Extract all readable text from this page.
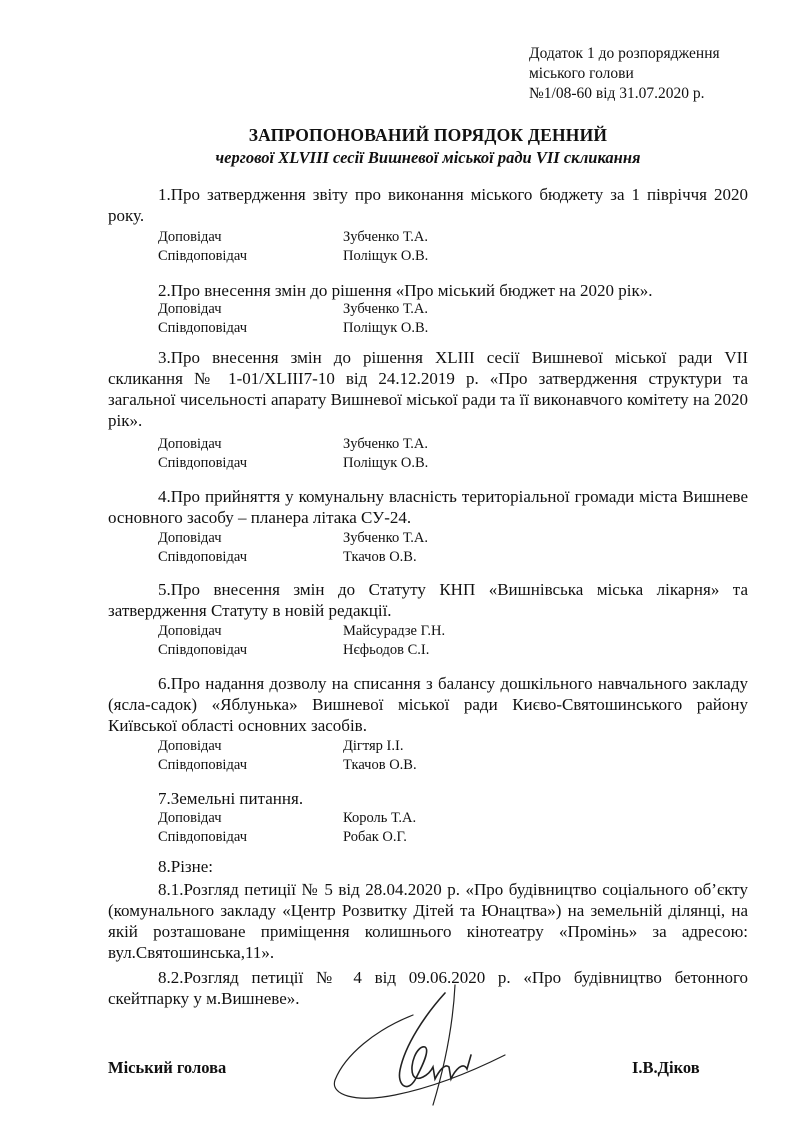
Додаток 1 до розпорядження
міського голови
№1/08-60 від 31.07.2020 р.
ЗАПРОПОНОВАНИЙ ПОРЯДОК ДЕННИЙ
чергової XLVIII сесії Вишневої міської ради VII скликання
1.Про затвердження звіту про виконання міського бюджету за 1 півріччя 2020 року.
Доповідач	Зубченко Т.А.
Співдоповідач	Поліщук О.В.
2.Про внесення змін до рішення «Про міський бюджет на 2020 рік».
Доповідач	Зубченко Т.А.
Співдоповідач	Поліщук О.В.
3.Про внесення змін до рішення XLIII сесії Вишневої міської ради VII скликання № 1-01/XLIII7-10 від 24.12.2019 р. «Про затвердження структури та загальної чисельності апарату Вишневої міської ради та її виконавчого комітету на 2020 рік».
Доповідач	Зубченко Т.А.
Співдоповідач	Поліщук О.В.
4.Про прийняття у комунальну власність територіальної громади міста Вишневе основного засобу – планера літака СУ-24.
Доповідач	Зубченко Т.А.
Співдоповідач	Ткачов О.В.
5.Про внесення змін до Статуту КНП «Вишнівська міська лікарня» та затвердження Статуту в новій редакції.
Доповідач	Майсурадзе Г.Н.
Співдоповідач	Нєфьодов С.І.
6.Про надання дозволу на списання з балансу дошкільного навчального закладу (ясла-садок) «Яблунька» Вишневої міської ради Києво-Святошинського району Київської області основних засобів.
Доповідач	Дігтяр І.І.
Співдоповідач	Ткачов О.В.
7.Земельні питання.
Доповідач	Король Т.А.
Співдоповідач	Робак О.Г.
8.Різне:
8.1.Розгляд петиції № 5 від 28.04.2020 р. «Про будівництво соціального об’єкту (комунального закладу «Центр Розвитку Дітей та Юнацтва») на земельній ділянці, на якій розташоване приміщення колишнього кінотеатру «Промінь» за адресою: вул.Святошинська,11».
8.2.Розгляд петиції № 4 від 09.06.2020 р. «Про будівництво бетонного скейтпарку у м.Вишневе».
Міський голова	І.В.Діков
